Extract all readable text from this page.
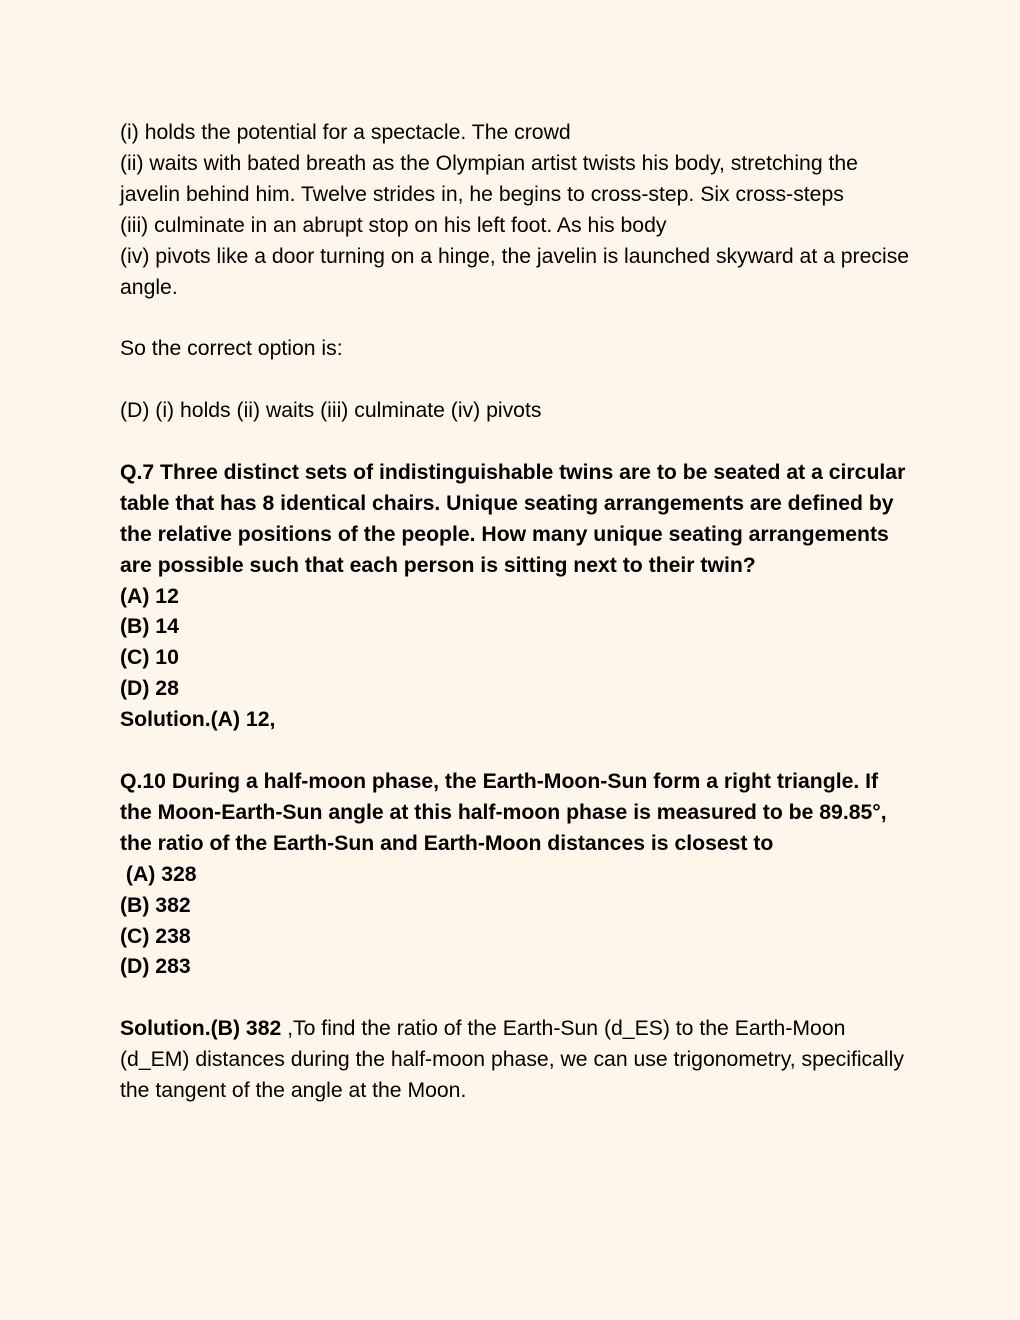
(i) holds the potential for a spectacle. The crowd

(ii) waits with bated breath as the Olympian artist twists his body, stretching the javelin behind him. Twelve strides in, he begins to cross-step. Six cross-steps

(iii) culminate in an abrupt stop on his left foot. As his body

(iv) pivots like a door turning on a hinge, the javelin is launched skyward at a precise angle.

So the correct option is:

(D) (i) holds (ii) waits (iii) culminate (iv) pivots

Q.7 Three distinct sets of indistinguishable twins are to be seated at a circular table that has 8 identical chairs. Unique seating arrangements are defined by the relative positions of the people. How many unique seating arrangements are possible such that each person is sitting next to their twin?

(A) 12

(B) 14

(C) 10

(D) 28

Solution.(A) 12,

Q.10 During a half-moon phase, the Earth-Moon-Sun form a right triangle. If the Moon-Earth-Sun angle at this half-moon phase is measured to be 89.85°, the ratio of the Earth-Sun and Earth-Moon distances is closest to

(A) 328

(B) 382

(C) 238

(D) 283

Solution.(B) 382 ,To find the ratio of the Earth-Sun (d_ES) to the Earth-Moon (d_EM) distances during the half-moon phase, we can use trigonometry, specifically the tangent of the angle at the Moon.
